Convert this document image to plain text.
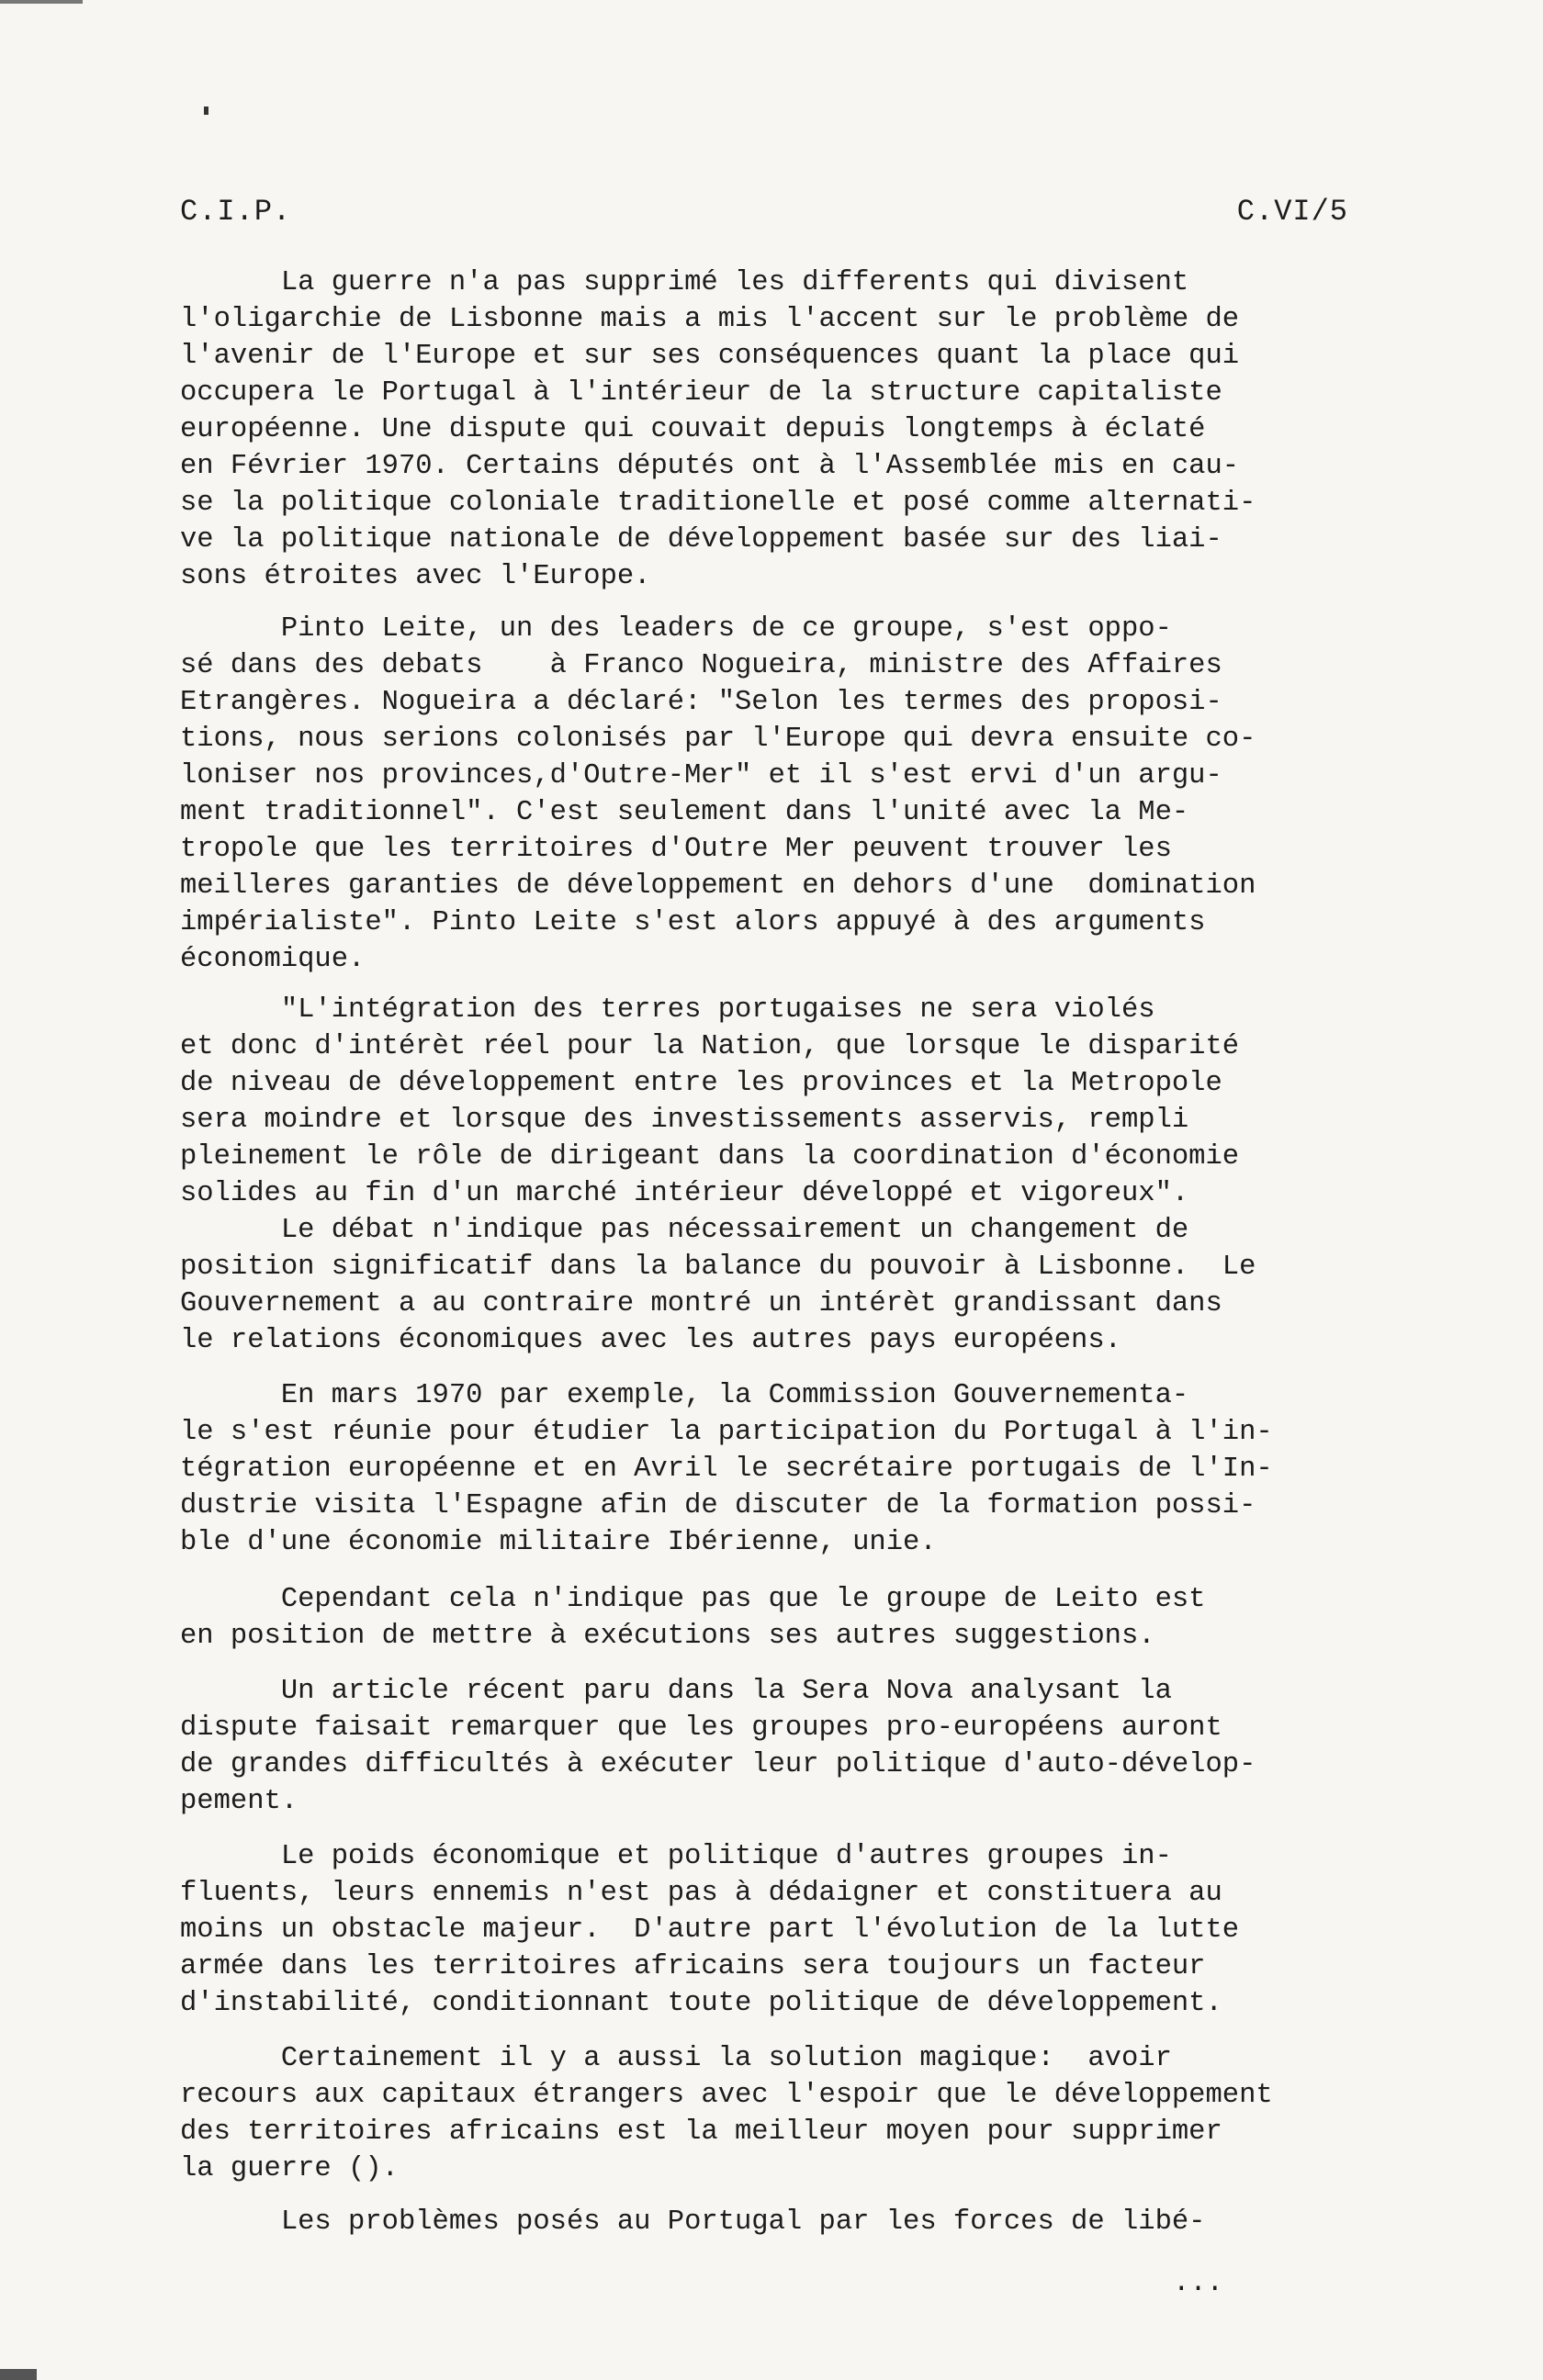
C.I.P.	C.VI/5
La guerre n'a pas supprimé les differents qui divisent
l'oligarchie de Lisbonne mais a mis l'accent sur le problème de
l'avenir de l'Europe et sur ses conséquences quant la place qui
occupera le Portugal à l'intérieur de la structure capitaliste
européenne. Une dispute qui couvait depuis longtemps à éclaté
en Février 1970. Certains députés ont à l'Assemblée mis en cau-
se la politique coloniale traditionelle et posé comme alternati-
ve la politique nationale de développement basée sur des liai-
sons étroites avec l'Europe.
Pinto Leite, un des leaders de ce groupe, s'est oppo-
sé dans des debats    à Franco Nogueira, ministre des Affaires
Etrangères. Nogueira a déclaré: "Selon les termes des proposi-
tions, nous serions colonisés par l'Europe qui devra ensuite co-
loniser nos provinces,d'Outre-Mer" et il s'est ervi d'un argu-
ment traditionnel". C'est seulement dans l'unité avec la Me-
tropole que les territoires d'Outre Mer peuvent trouver les
meilleres garanties de développement en dehors d'une  domination
impérialiste". Pinto Leite s'est alors appuyé à des arguments
économique.
"L'intégration des terres portugaises ne sera violés
et donc d'intérèt réel pour la Nation, que lorsque le disparité
de niveau de développement entre les provinces et la Metropole
sera moindre et lorsque des investissements asservis, rempli
pleinement le rôle de dirigeant dans la coordination d'économie
solides au fin d'un marché intérieur développé et vigoreux".
Le débat n'indique pas nécessairement un changement de
position significatif dans la balance du pouvoir à Lisbonne.  Le
Gouvernement a au contraire montré un intérèt grandissant dans
le relations économiques avec les autres pays européens.
En mars 1970 par exemple, la Commission Gouvernementa-
le s'est réunie pour étudier la participation du Portugal à l'in-
tégration européenne et en Avril le secrétaire portugais de l'In-
dustrie visita l'Espagne afin de discuter de la formation possi-
ble d'une économie militaire Ibérienne, unie.
Cependant cela n'indique pas que le groupe de Leito est
en position de mettre à exécutions ses autres suggestions.
Un article récent paru dans la Sera Nova analysant la
dispute faisait remarquer que les groupes pro-européens auront
de grandes difficultés à exécuter leur politique d'auto-dévelop-
pement.
Le poids économique et politique d'autres groupes in-
fluents, leurs ennemis n'est pas à dédaigner et constituera au
moins un obstacle majeur.  D'autre part l'évolution de la lutte
armée dans les territoires africains sera toujours un facteur
d'instabilité, conditionnant toute politique de développement.
Certainement il y a aussi la solution magique:  avoir
recours aux capitaux étrangers avec l'espoir que le développement
des territoires africains est la meilleur moyen pour supprimer
la guerre ().
Les problèmes posés au Portugal par les forces de libé-
...
